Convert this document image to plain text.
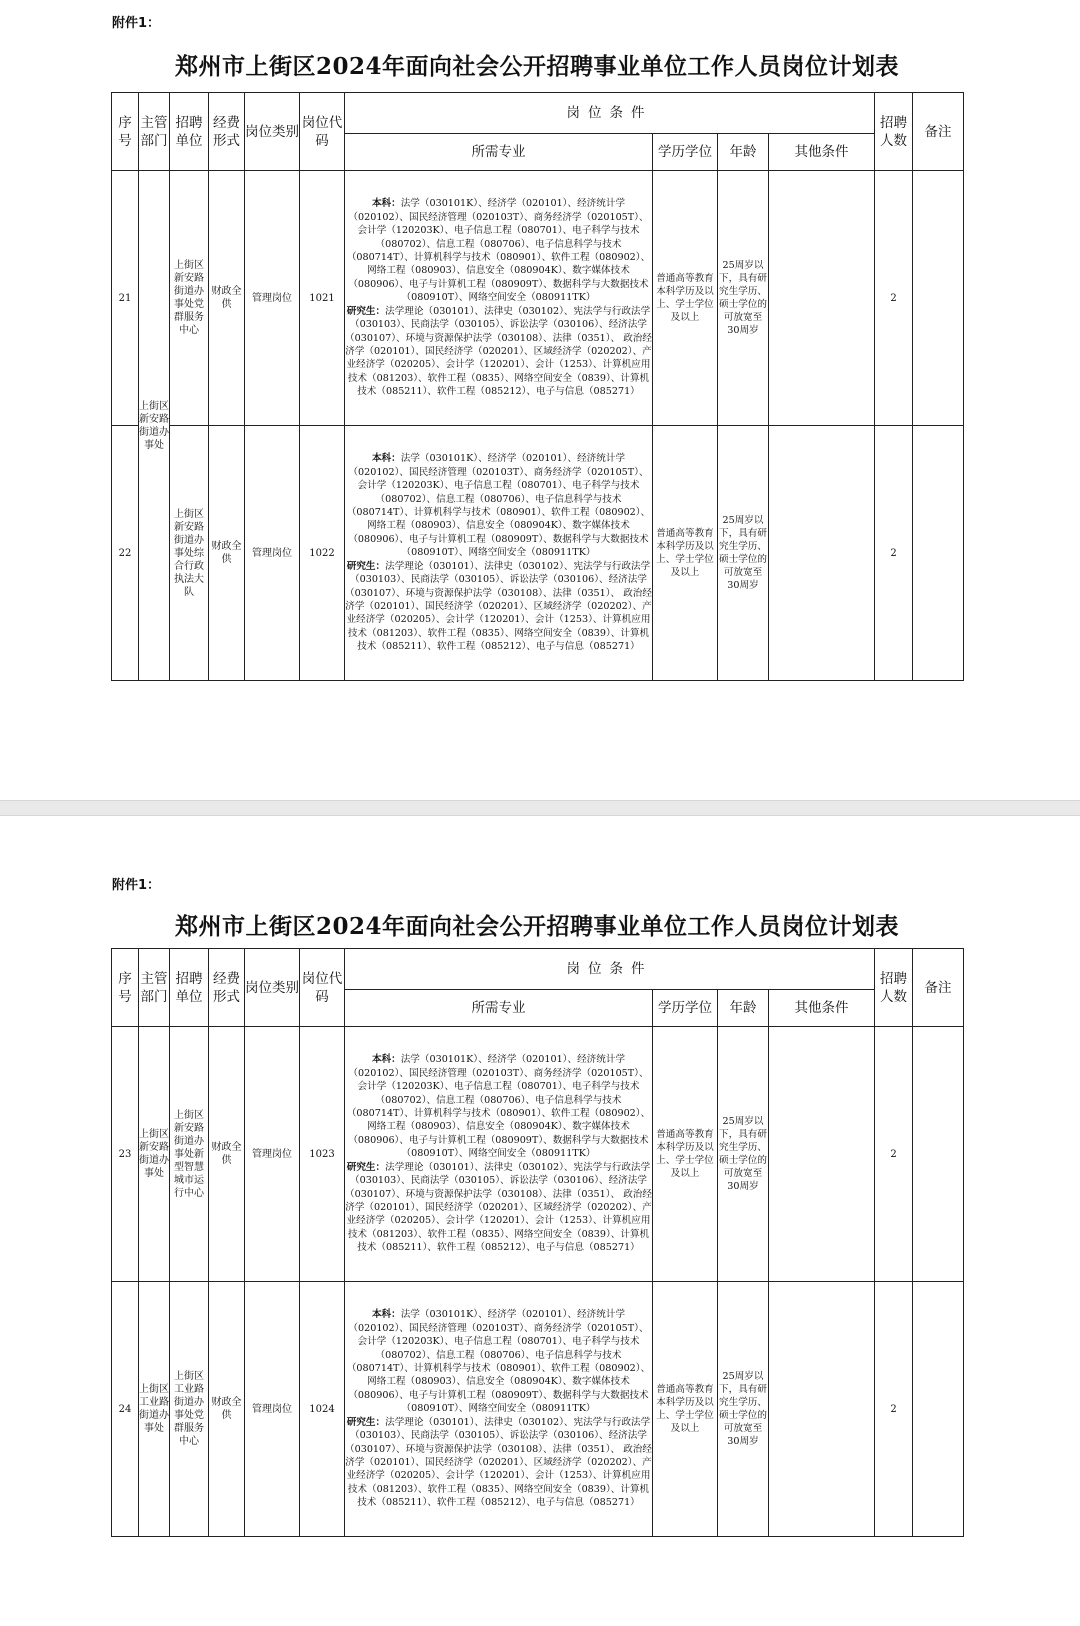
附件1：
郑州市上街区2024年面向社会公开招聘事业单位工作人员岗位计划表
序号	主管部门	招聘单位	经费形式	岗位类别	岗位代码	岗位条件				招聘人数	备注
						所需专业	学历学位	年龄	其他条件		
21	上街区新安路街道办事处	上街区新安路街道办事处党群服务中心	财政全供	管理岗位	1021	本科：法学（030101K）、经济学（020101）、经济统计学（020102）、国民经济管理（020103T）、商务经济学（020105T）、会计学（120203K）、电子信息工程（080701）、电子科学与技术（080702）、信息工程（080706）、电子信息科学与技术（080714T）、计算机科学与技术（080901）、软件工程（080902）、网络工程（080903）、信息安全（080904K）、数字媒体技术（080906）、电子与计算机工程（080909T）、数据科学与大数据技术（080910T）、网络空间安全（080911TK）
研究生：法学理论（030101）、法律史（030102）、宪法学与行政法学（030103）、民商法学（030105）、诉讼法学（030106）、经济法学（030107）、环境与资源保护法学（030108）、法律（0351）、 政治经济学（020101）、国民经济学（020201）、区域经济学（020202）、产业经济学（020205）、会计学（120201）、会计（1253）、计算机应用技术（081203）、软件工程（0835）、网络空间安全（0839）、计算机技术（085211）、软件工程（085212）、电子与信息（085271）	普通高等教育本科学历及以上、学士学位及以上	25周岁以下，具有研究生学历、硕士学位的可放宽至30周岁		2	
22		上街区新安路街道办事处综合行政执法大队	财政全供	管理岗位	1022	本科：法学（030101K）、经济学（020101）、经济统计学（020102）、国民经济管理（020103T）、商务经济学（020105T）、会计学（120203K）、电子信息工程（080701）、电子科学与技术（080702）、信息工程（080706）、电子信息科学与技术（080714T）、计算机科学与技术（080901）、软件工程（080902）、网络工程（080903）、信息安全（080904K）、数字媒体技术（080906）、电子与计算机工程（080909T）、数据科学与大数据技术（080910T）、网络空间安全（080911TK）
研究生：法学理论（030101）、法律史（030102）、宪法学与行政法学（030103）、民商法学（030105）、诉讼法学（030106）、经济法学（030107）、环境与资源保护法学（030108）、法律（0351）、 政治经济学（020101）、国民经济学（020201）、区域经济学（020202）、产业经济学（020205）、会计学（120201）、会计（1253）、计算机应用技术（081203）、软件工程（0835）、网络空间安全（0839）、计算机技术（085211）、软件工程（085212）、电子与信息（085271）	普通高等教育本科学历及以上、学士学位及以上	25周岁以下，具有研究生学历、硕士学位的可放宽至30周岁		2	
附件1：
郑州市上街区2024年面向社会公开招聘事业单位工作人员岗位计划表
序号	主管部门	招聘单位	经费形式	岗位类别	岗位代码	岗位条件				招聘人数	备注
						所需专业	学历学位	年龄	其他条件		
23	上街区新安路街道办事处	上街区新安路街道办事处新型智慧城市运行中心	财政全供	管理岗位	1023	本科：法学（030101K）、经济学（020101）、经济统计学（020102）、国民经济管理（020103T）、商务经济学（020105T）、会计学（120203K）、电子信息工程（080701）、电子科学与技术（080702）、信息工程（080706）、电子信息科学与技术（080714T）、计算机科学与技术（080901）、软件工程（080902）、网络工程（080903）、信息安全（080904K）、数字媒体技术（080906）、电子与计算机工程（080909T）、数据科学与大数据技术（080910T）、网络空间安全（080911TK）
研究生：法学理论（030101）、法律史（030102）、宪法学与行政法学（030103）、民商法学（030105）、诉讼法学（030106）、经济法学（030107）、环境与资源保护法学（030108）、法律（0351）、 政治经济学（020101）、国民经济学（020201）、区域经济学（020202）、产业经济学（020205）、会计学（120201）、会计（1253）、计算机应用技术（081203）、软件工程（0835）、网络空间安全（0839）、计算机技术（085211）、软件工程（085212）、电子与信息（085271）	普通高等教育本科学历及以上、学士学位及以上	25周岁以下，具有研究生学历、硕士学位的可放宽至30周岁		2	
24	上街区工业路街道办事处	上街区工业路街道办事处党群服务中心	财政全供	管理岗位	1024	本科：法学（030101K）、经济学（020101）、经济统计学（020102）、国民经济管理（020103T）、商务经济学（020105T）、会计学（120203K）、电子信息工程（080701）、电子科学与技术（080702）、信息工程（080706）、电子信息科学与技术（080714T）、计算机科学与技术（080901）、软件工程（080902）、网络工程（080903）、信息安全（080904K）、数字媒体技术（080906）、电子与计算机工程（080909T）、数据科学与大数据技术（080910T）、网络空间安全（080911TK）
研究生：法学理论（030101）、法律史（030102）、宪法学与行政法学（030103）、民商法学（030105）、诉讼法学（030106）、经济法学（030107）、环境与资源保护法学（030108）、法律（0351）、 政治经济学（020101）、国民经济学（020201）、区域经济学（020202）、产业经济学（020205）、会计学（120201）、会计（1253）、计算机应用技术（081203）、软件工程（0835）、网络空间安全（0839）、计算机技术（085211）、软件工程（085212）、电子与信息（085271）	普通高等教育本科学历及以上、学士学位及以上	25周岁以下，具有研究生学历、硕士学位的可放宽至30周岁		2	
